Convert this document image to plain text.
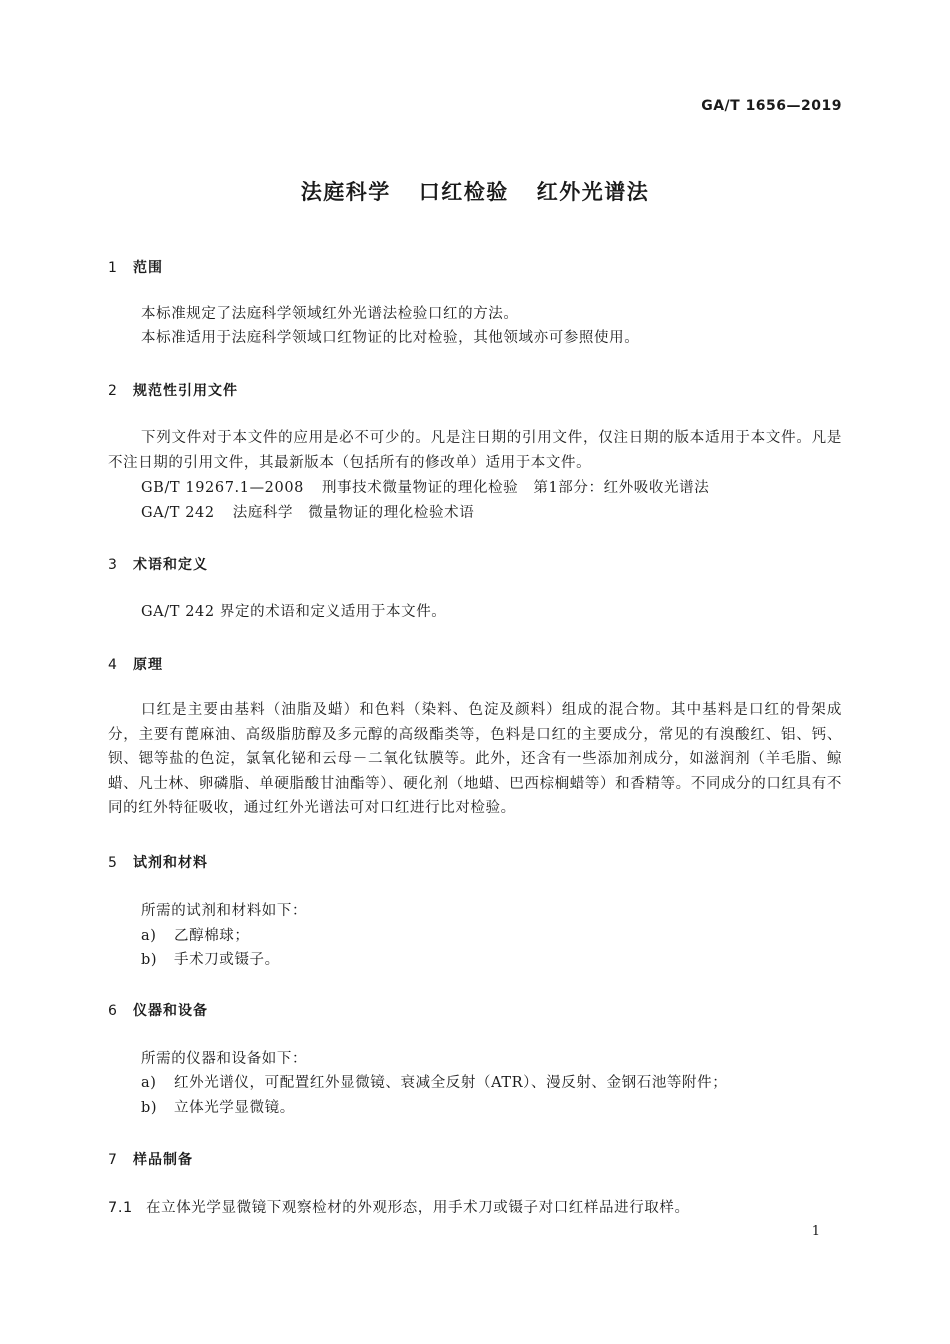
GA/T 1656—2019
法庭科学 口红检验 红外光谱法
1 范围
本标准规定了法庭科学领域红外光谱法检验口红的方法。
本标准适用于法庭科学领域口红物证的比对检验，其他领域亦可参照使用。
2 规范性引用文件
下列文件对于本文件的应用是必不可少的。凡是注日期的引用文件，仅注日期的版本适用于本文件。凡是不注日期的引用文件，其最新版本（包括所有的修改单）适用于本文件。
GB/T 19267.1—2008 刑事技术微量物证的理化检验　第1部分：红外吸收光谱法
GA/T 242 法庭科学　微量物证的理化检验术语
3 术语和定义
GA/T 242 界定的术语和定义适用于本文件。
4 原理
口红是主要由基料（油脂及蜡）和色料（染料、色淀及颜料）组成的混合物。其中基料是口红的骨架成分，主要有蓖麻油、高级脂肪醇及多元醇的高级酯类等，色料是口红的主要成分，常见的有溴酸红、铝、钙、钡、锶等盐的色淀，氯氧化铋和云母－二氧化钛膜等。此外，还含有一些添加剂成分，如滋润剂（羊毛脂、鲸蜡、凡士林、卵磷脂、单硬脂酸甘油酯等）、硬化剂（地蜡、巴西棕榈蜡等）和香精等。不同成分的口红具有不同的红外特征吸收，通过红外光谱法可对口红进行比对检验。
5 试剂和材料
所需的试剂和材料如下：
a) 乙醇棉球；
b) 手术刀或镊子。
6 仪器和设备
所需的仪器和设备如下：
a) 红外光谱仪，可配置红外显微镜、衰减全反射（ATR）、漫反射、金钢石池等附件；
b) 立体光学显微镜。
7 样品制备
7.1 在立体光学显微镜下观察检材的外观形态，用手术刀或镊子对口红样品进行取样。
1
